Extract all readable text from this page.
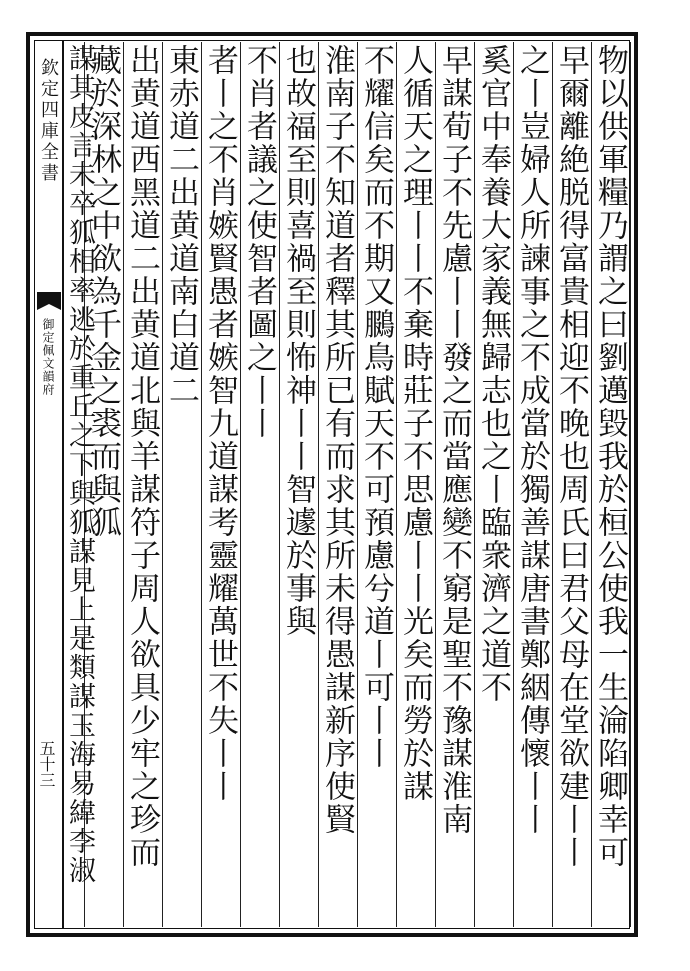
欽定四庫全書
御定佩文韻府
五十三	物以供軍糧乃謂之曰劉邁毀我於桓公使我一生淪陷卿幸可
早爾離絶脱得富貴相迎不晚也周氏曰君父母在堂欲建丨丨
之丨豈婦人所諫事之不成當於獨善謀唐書鄭絪傳懷丨丨
奚官中奉養大家義無歸志也之丨臨衆濟之道不
早謀荀子不先慮丨丨發之而當應變不窮是聖不豫謀淮南
人循天之理丨丨不棄時莊子不思慮丨丨光矣而勞於謀
不耀信矣而不期又鵩鳥賦天不可預慮兮道丨可丨丨
淮南子不知道者釋其所已有而求其所未得愚謀新序使賢
也故福至則喜禍至則怖神丨丨智遽於事與
不肖者議之使智者圖之丨丨
者丨之不肖嫉賢愚者嫉智九道謀考靈耀萬世不失丨丨
東赤道二出黄道南白道二
出黄道西黑道二出黄道北與羊謀符子周人欲具少牢之珍而
藏於深林之中欲為千金之裘而與狐
謀其皮言未卒狐相率逃於重丘之下與狐謀見上是類謀玉海易緯李淑
